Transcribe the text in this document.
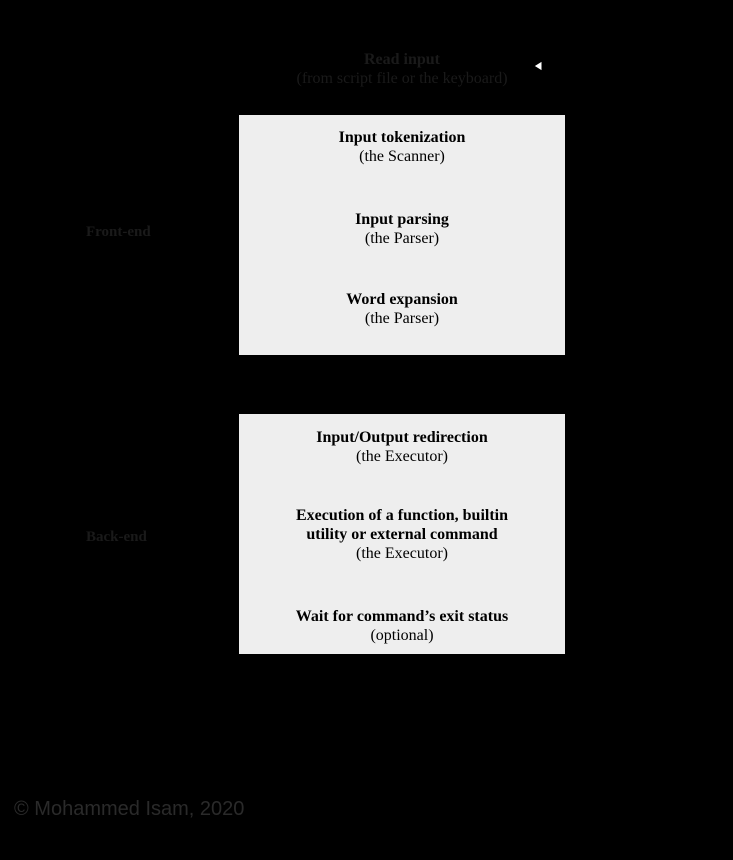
Read input
(from script file or the keyboard)
Front-end
Input tokenization
(the Scanner)
Input parsing
(the Parser)
Word expansion
(the Parser)
Back-end
Input/Output redirection
(the Executor)
Execution of a function, builtin
utility or external command
(the Executor)
Wait for command’s exit status
(optional)
© Mohammed Isam, 2020
